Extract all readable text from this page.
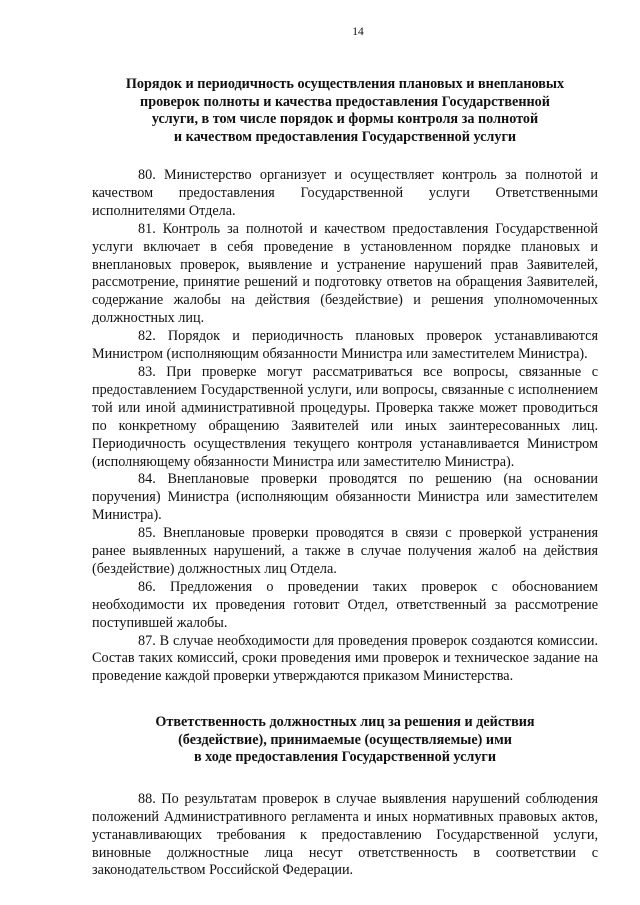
14
Порядок и периодичность осуществления плановых и внеплановых
проверок полноты и качества предоставления Государственной
услуги, в том числе порядок и формы контроля за полнотой
и качеством предоставления Государственной услуги

80. Министерство организует и осуществляет контроль за полнотой и качеством предоставления Государственной услуги Ответственными исполнителями Отдела.

81. Контроль за полнотой и качеством предоставления Государственной услуги включает в себя проведение в установленном порядке плановых и внеплановых проверок, выявление и устранение нарушений прав Заявителей, рассмотрение, принятие решений и подготовку ответов на обращения Заявителей, содержание жалобы на действия (бездействие) и решения уполномоченных должностных лиц.

82. Порядок и периодичность плановых проверок устанавливаются Министром (исполняющим обязанности Министра или заместителем Министра).

83. При проверке могут рассматриваться все вопросы, связанные с предоставлением Государственной услуги, или вопросы, связанные с исполнением той или иной административной процедуры. Проверка также может проводиться по конкретному обращению Заявителей или иных заинтересованных лиц. Периодичность осуществления текущего контроля устанавливается Министром (исполняющему обязанности Министра или заместителю Министра).

84. Внеплановые проверки проводятся по решению (на основании поручения) Министра (исполняющим обязанности Министра или заместителем Министра).

85. Внеплановые проверки проводятся в связи с проверкой устранения ранее выявленных нарушений, а также в случае получения жалоб на действия (бездействие) должностных лиц Отдела.

86. Предложения о проведении таких проверок с обоснованием необходимости их проведения готовит Отдел, ответственный за рассмотрение поступившей жалобы.

87. В случае необходимости для проведения проверок создаются комиссии. Состав таких комиссий, сроки проведения ими проверок и техническое задание на проведение каждой проверки утверждаются приказом Министерства.

Ответственность должностных лиц за решения и действия
(бездействие), принимаемые (осуществляемые) ими
в ходе предоставления Государственной услуги

88. По результатам проверок в случае выявления нарушений соблюдения положений Административного регламента и иных нормативных правовых актов, устанавливающих требования к предоставлению Государственной услуги, виновные должностные лица несут ответственность в соответствии с законодательством Российской Федерации.
